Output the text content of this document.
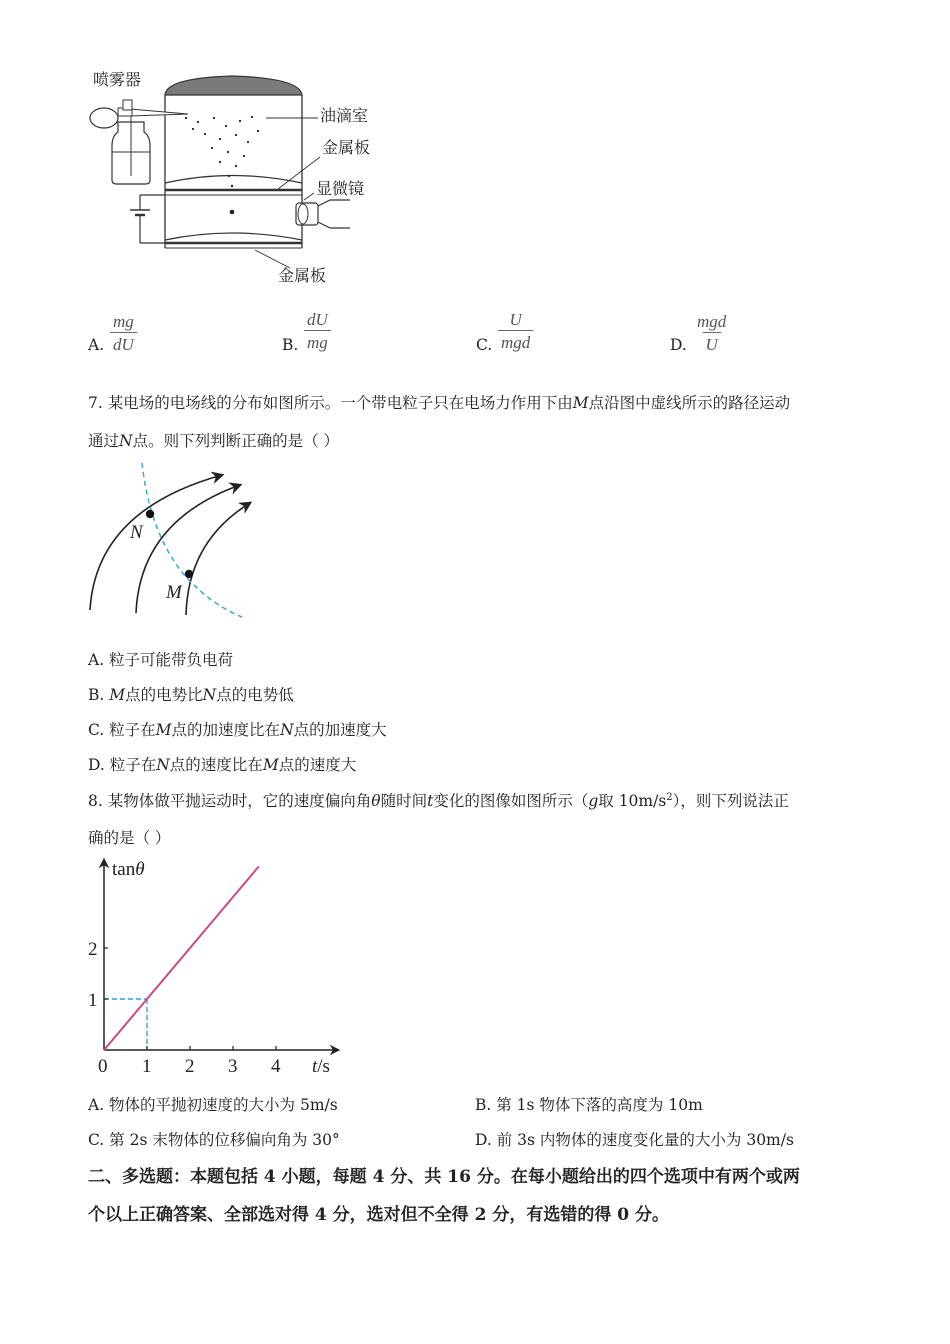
喷雾器
油滴室
金属板
显微镜
金属板
A. $\frac{mg}{dU}$	B. $\frac{dU}{mg}$	C.
U
mgd	D.
mgd
U
7. 某电场的电场线的分布如图所示。一个带电粒子只在电场力作用下由M点沿图中虚线所示的路径运动
通过N点。则下列判断正确的是（ ）
N
M
A. 粒子可能带负电荷
B. M点的电势比N点的电势低
C. 粒子在M点的加速度比在N点的加速度大
D. 粒子在N点的速度比在M点的速度大
8. 某物体做平抛运动时，它的速度偏向角θ随时间t变化的图像如图所示（g取 $10m/s^2$），则下列说法正
确的是（ ）
1 2 3 4
1
2
tanθ
t/s
0
A. 物体的平抛初速度的大小为 5m/s	B. 第 1s 物体下落的高度为 10m
C. 第 2s 末物体的位移偏向角为 30°	D. 前 3s 内物体的速度变化量的大小为 30m/s
二、多选题：本题包括 4 小题，每题 4 分、共 16 分。在每小题给出的四个选项中有两个或两
个以上正确答案、全部选对得 4 分，选对但不全得 2 分，有选错的得 0 分。
